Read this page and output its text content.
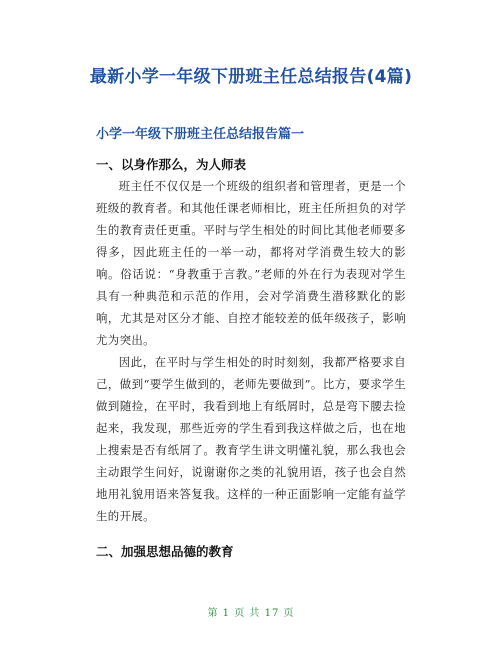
最新小学一年级下册班主任总结报告(4篇)
小学一年级下册班主任总结报告篇一
一、以身作那么，为人师表
班主任不仅仅是一个班级的组织者和管理者，更是一个班级的教育者。和其他任课老师相比，班主任所担负的对学生的教育责任更重。平时与学生相处的时间比其他老师要多得多，因此班主任的一举一动，都将对学消费生较大的影响。俗话说：“身教重于言教。”老师的外在行为表现对学生具有一种典范和示范的作用，会对学消费生潜移默化的影响，尤其是对区分才能、自控才能较差的低年级孩子，影响尤为突出。
因此，在平时与学生相处的时时刻刻，我都严格要求自己，做到“要学生做到的，老师先要做到”。比方，要求学生做到随捡，在平时，我看到地上有纸屑时，总是弯下腰去捡起来，我发现，那些近旁的学生看到我这样做之后，也在地上搜索是否有纸屑了。教育学生讲文明懂礼貌，那么我也会主动跟学生问好，说谢谢你之类的礼貌用语，孩子也会自然地用礼貌用语来答复我。这样的一种正面影响一定能有益学生的开展。
二、加强思想品德的教育
第 1 页 共 17 页
